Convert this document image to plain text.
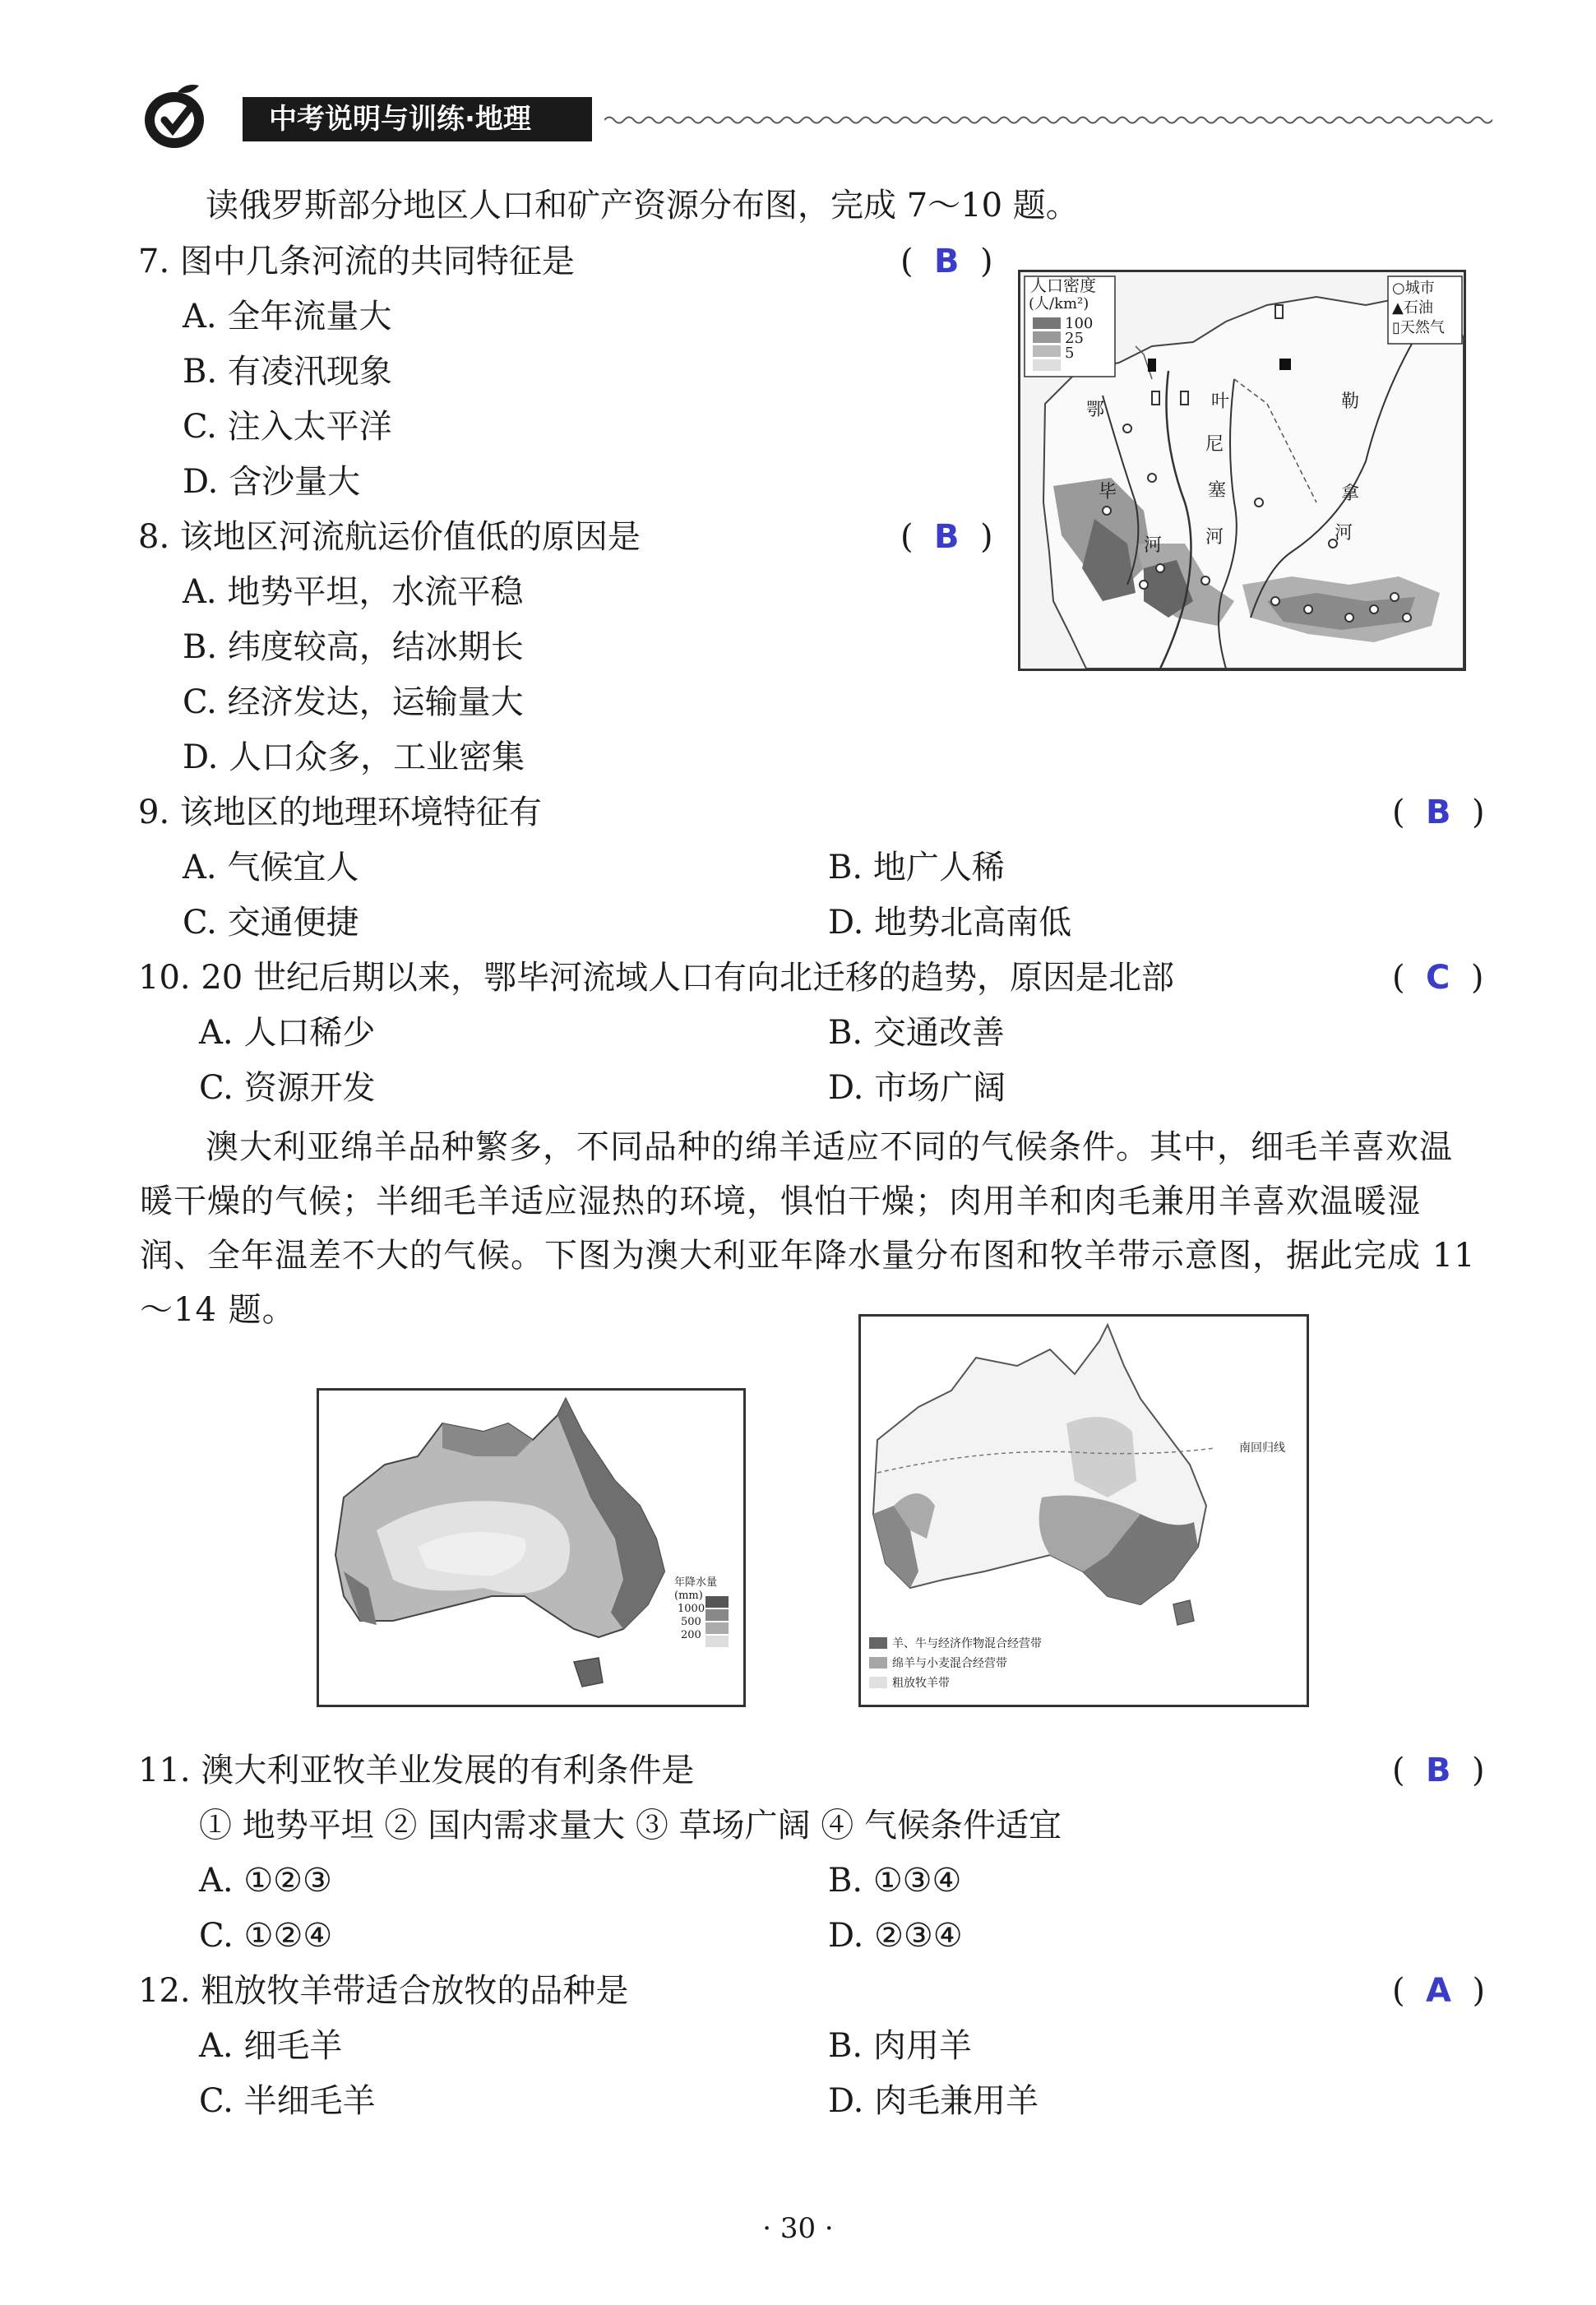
中考说明与训练·地理
读俄罗斯部分地区人口和矿产资源分布图，完成 7～10 题。
7. 图中几条河流的共同特征是	(  B  )
A. 全年流量大
B. 有凌汛现象
C. 注入太平洋
D. 含沙量大
8. 该地区河流航运价值低的原因是	(  B  )
A. 地势平坦，水流平稳
B. 纬度较高，结冰期长
C. 经济发达，运输量大
D. 人口众多，工业密集
人口密度
(人/km²)
100
25
5
○城市
▲石油
▯天然气
鄂
毕
河
叶
尼
塞
河
勒
拿
河
9. 该地区的地理环境特征有	(  B  )
A. 气候宜人	B. 地广人稀
C. 交通便捷	D. 地势北高南低
10. 20 世纪后期以来，鄂毕河流域人口有向北迁移的趋势，原因是北部	(  C  )
A. 人口稀少	B. 交通改善
C. 资源开发	D. 市场广阔
澳大利亚绵羊品种繁多，不同品种的绵羊适应不同的气候条件。其中，细毛羊喜欢温暖干燥的气候；半细毛羊适应湿热的环境，惧怕干燥；肉用羊和肉毛兼用羊喜欢温暖湿润、全年温差不大的气候。下图为澳大利亚年降水量分布图和牧羊带示意图，据此完成 11～14 题。
年降水量(mm)
1000
500
200
南回归线
羊、牛与经济作物混合经营带
绵羊与小麦混合经营带
粗放牧羊带
11. 澳大利亚牧羊业发展的有利条件是	(  B  )
① 地势平坦 ② 国内需求量大 ③ 草场广阔 ④ 气候条件适宜
A. ①②③	B. ①③④
C. ①②④	D. ②③④
12. 粗放牧羊带适合放牧的品种是	(  A  )
A. 细毛羊	B. 肉用羊
C. 半细毛羊	D. 肉毛兼用羊
· 30 ·
